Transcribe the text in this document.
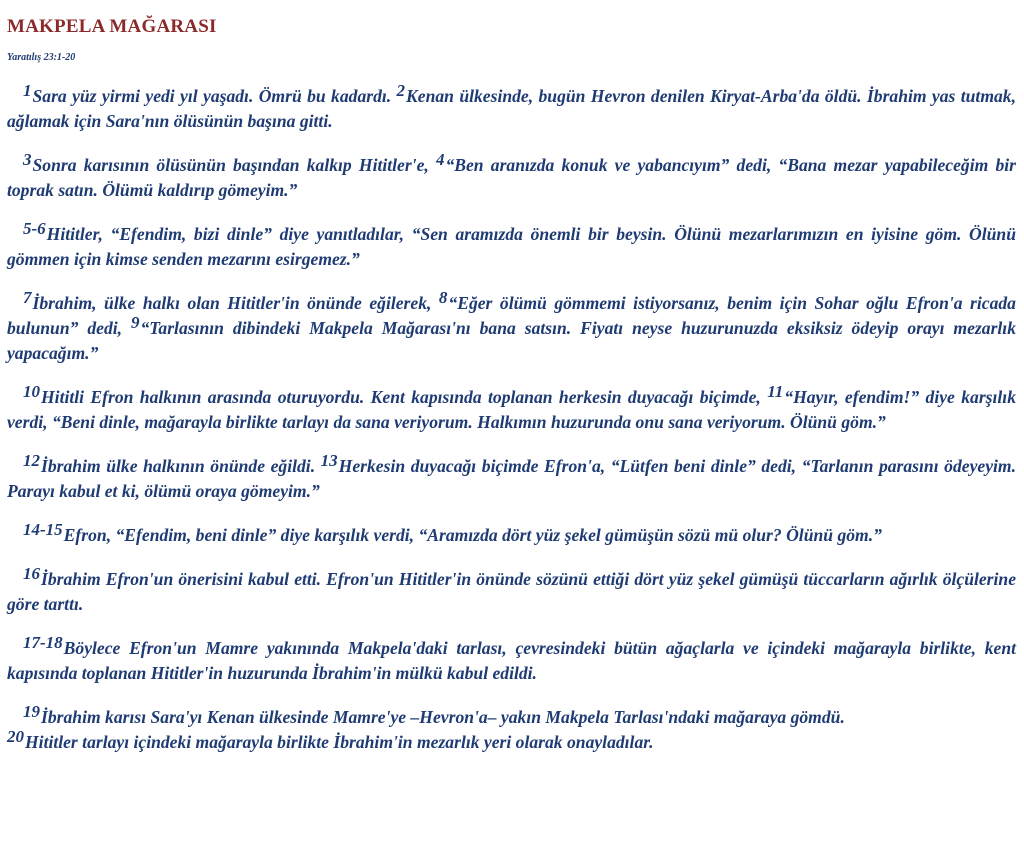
MAKPELA MAĞARASI
Yaratılış 23:1-20

1Sara yüz yirmi yedi yıl yaşadı. Ömrü bu kadardı. 2Kenan ülkesinde, bugün Hevron denilen Kiryat-Arba'da öldü. İbrahim yas tutmak, ağlamak için Sara'nın ölüsünün başına gitti.

3Sonra karısının ölüsünün başından kalkıp Hititler'e, 4“Ben aranızda konuk ve yabancıyım” dedi, “Bana mezar yapabileceğim bir toprak satın. Ölümü kaldırıp gömeyim.”

5-6Hititler, “Efendim, bizi dinle” diye yanıtladılar, “Sen aramızda önemli bir beysin. Ölünü mezarlarımızın en iyisine göm. Ölünü gömmen için kimse senden mezarını esirgemez.”

7İbrahim, ülke halkı olan Hititler'in önünde eğilerek, 8“Eğer ölümü gömmemi istiyorsanız, benim için Sohar oğlu Efron'a ricada bulunun” dedi, 9“Tarlasının dibindeki Makpela Mağarası'nı bana satsın. Fiyatı neyse huzurunuzda eksiksiz ödeyip orayı mezarlık yapacağım.”

10Hititli Efron halkının arasında oturuyordu. Kent kapısında toplanan herkesin duyacağı biçimde, 11“Hayır, efendim!” diye karşılık verdi, “Beni dinle, mağarayla birlikte tarlayı da sana veriyorum. Halkımın huzurunda onu sana veriyorum. Ölünü göm.”

12İbrahim ülke halkının önünde eğildi. 13Herkesin duyacağı biçimde Efron'a, “Lütfen beni dinle” dedi, “Tarlanın parasını ödeyeyim. Parayı kabul et ki, ölümü oraya gömeyim.”

14-15Efron, “Efendim, beni dinle” diye karşılık verdi, “Aramızda dört yüz şekel gümüşün sözü mü olur? Ölünü göm.”

16İbrahim Efron'un önerisini kabul etti. Efron'un Hititler'in önünde sözünü ettiği dört yüz şekel gümüşü tüccarların ağırlık ölçülerine göre tarttı.

17-18Böylece Efron'un Mamre yakınında Makpela'daki tarlası, çevresindeki bütün ağaçlarla ve içindeki mağarayla birlikte, kent kapısında toplanan Hititler'in huzurunda İbrahim'in mülkü kabul edildi.

19İbrahim karısı Sara'yı Kenan ülkesinde Mamre'ye –Hevron'a– yakın Makpela Tarlası'ndaki mağaraya gömdü.

20Hititler tarlayı içindeki mağarayla birlikte İbrahim'in mezarlık yeri olarak onayladılar.
